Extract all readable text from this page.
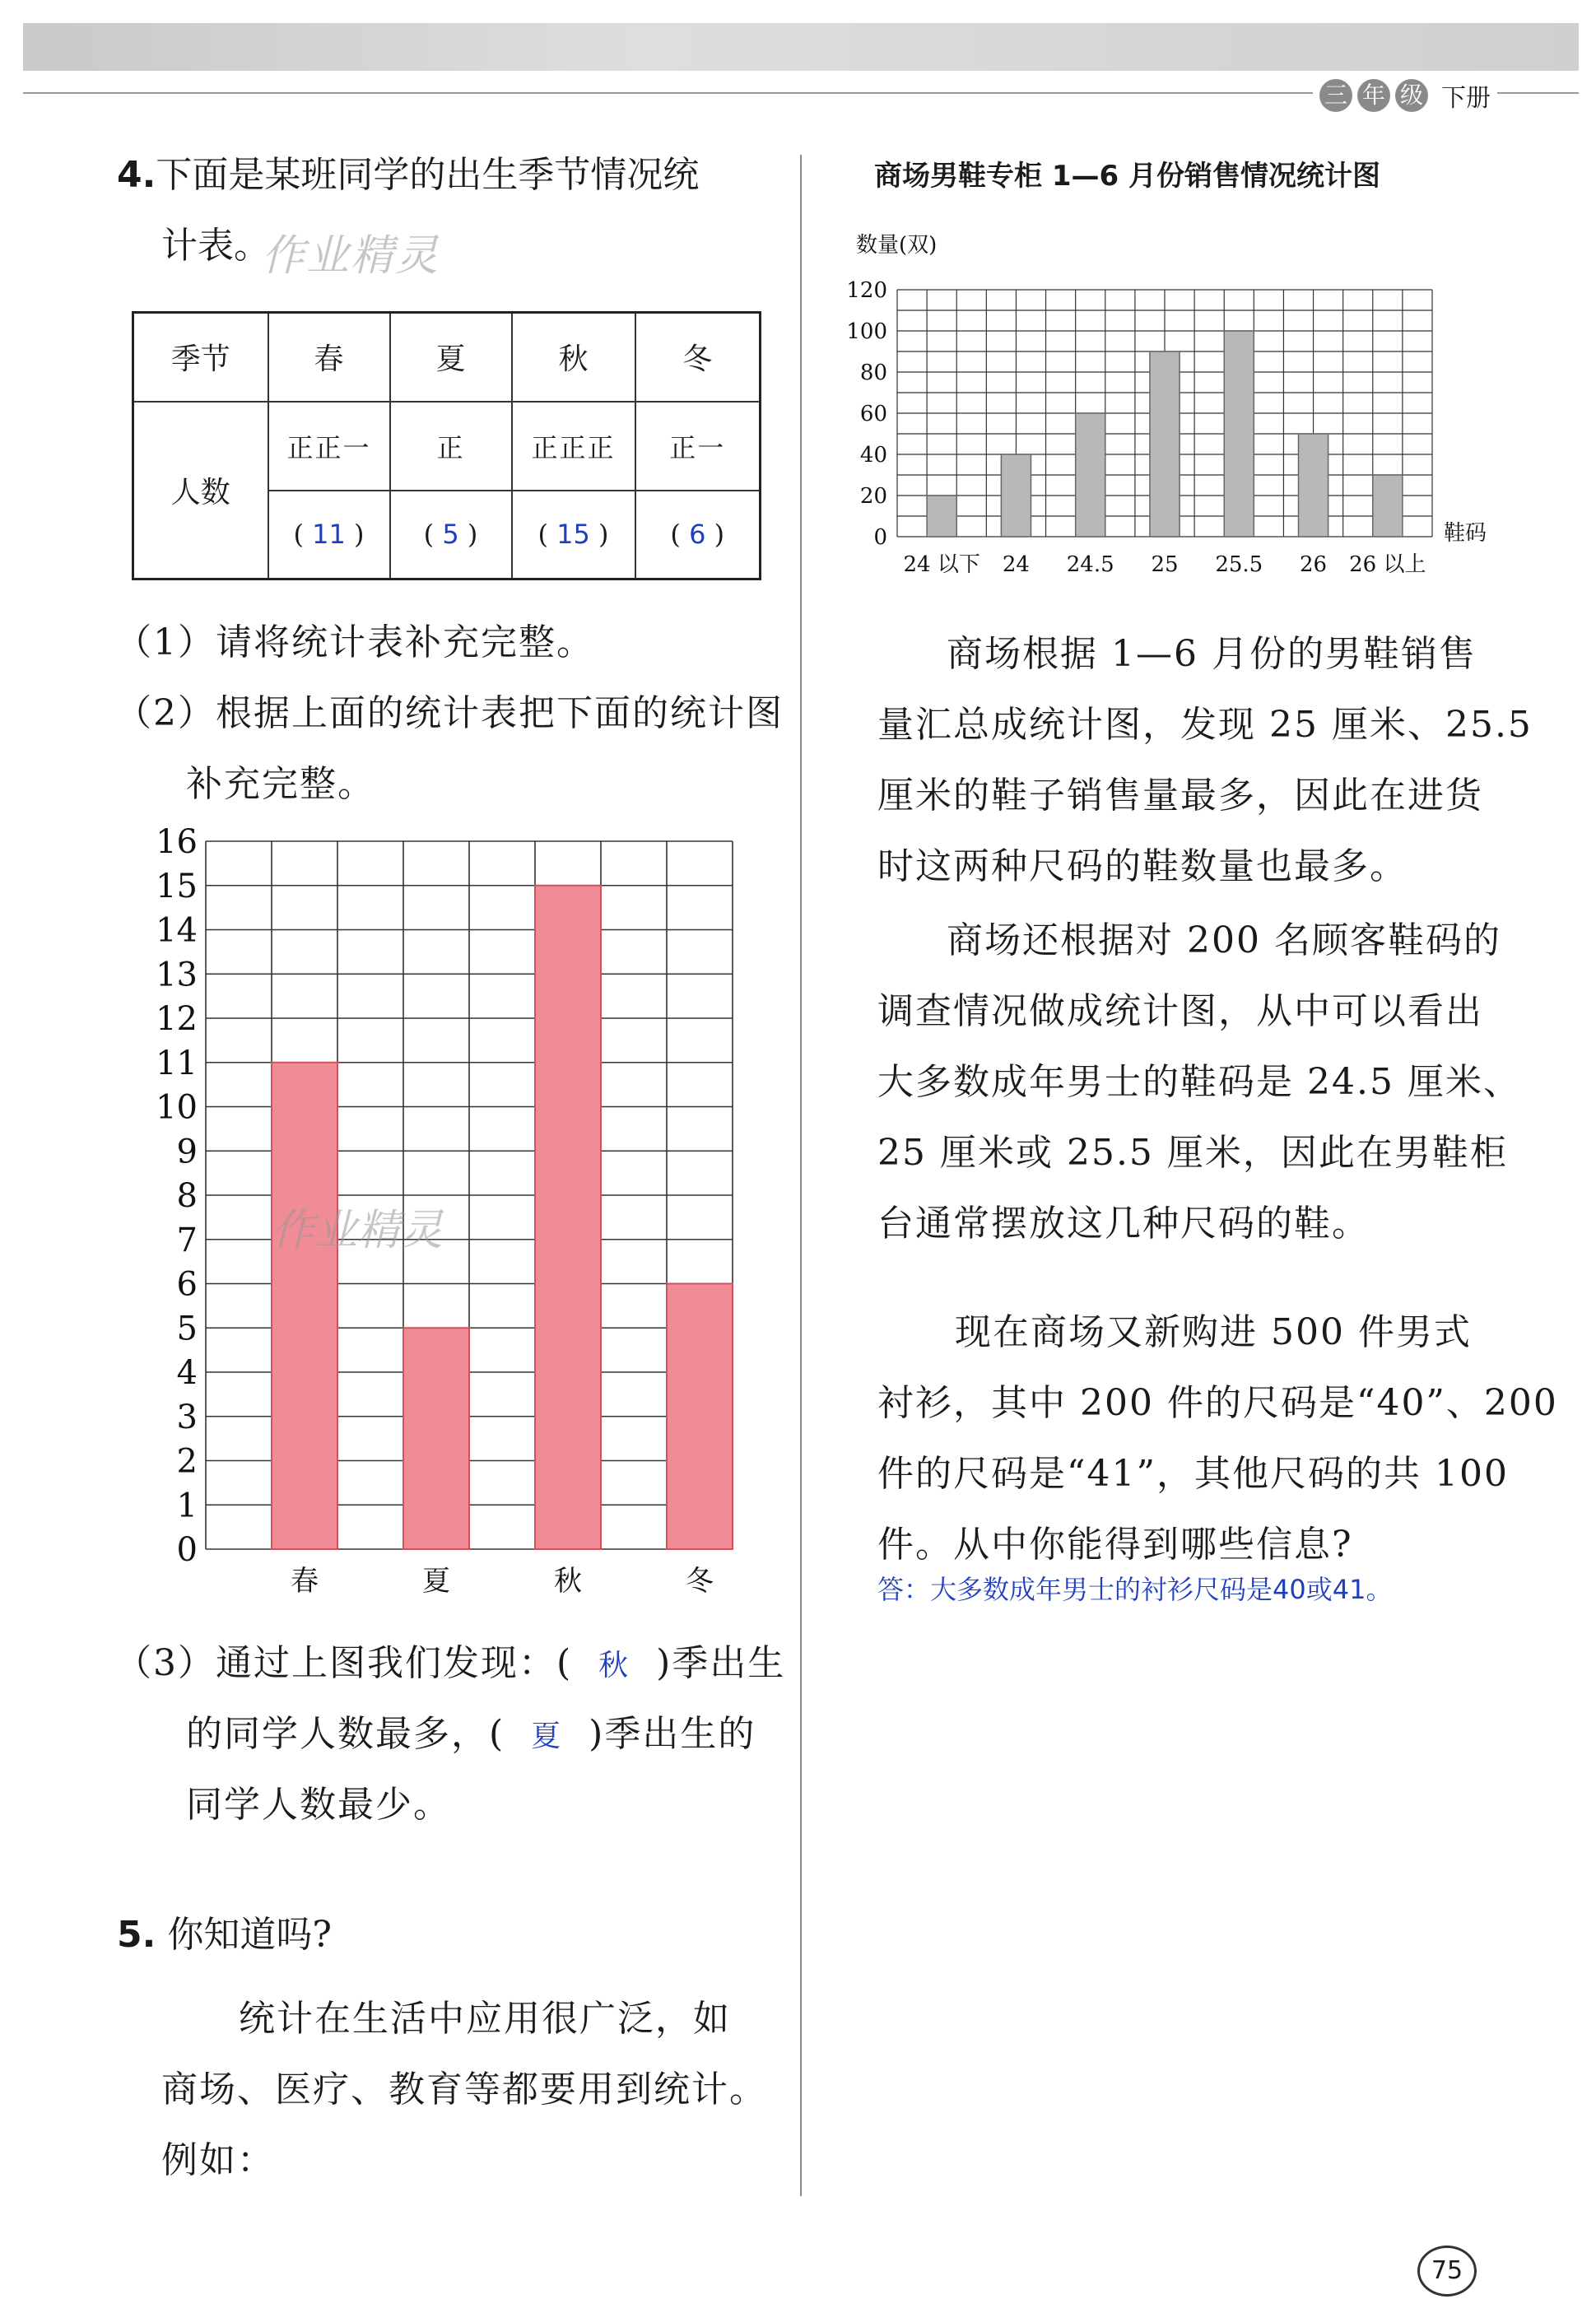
三 年 级 下册
4.下面是某班同学的出生季节情况统
计表。
作业精灵
季节	春	夏	秋	冬
人数	正正一	正	正正正	正一
	( 11 )	( 5 )	( 15 )	( 6 )
（1）请将统计表补充完整。
（2）根据上面的统计表把下面的统计图
补充完整。
0
1
2
3
4
5
6
7
8
9
10
11
12
13
14
15
16
春	夏	秋	冬
作业精灵
（3）通过上图我们发现：( 秋 )季出生
的同学人数最多，( 夏 )季出生的
同学人数最少。
5. 你知道吗?
统计在生活中应用很广泛，如
商场、医疗、教育等都要用到统计。
例如：
商场男鞋专柜 1—6 月份销售情况统计图
0
20
40
60
80
100
120
数量(双)
鞋码
24 以下 24 24.5 25 25.5 26 26 以上
商场根据 1—6 月份的男鞋销售
量汇总成统计图，发现 25 厘米、25.5
厘米的鞋子销售量最多，因此在进货
时这两种尺码的鞋数量也最多。
商场还根据对 200 名顾客鞋码的
调查情况做成统计图，从中可以看出
大多数成年男士的鞋码是 24.5 厘米、
25 厘米或 25.5 厘米，因此在男鞋柜
台通常摆放这几种尺码的鞋。
现在商场又新购进 500 件男式
衬衫，其中 200 件的尺码是“40”、200
件的尺码是“41”，其他尺码的共 100
件。从中你能得到哪些信息?
答：大多数成年男士的衬衫尺码是40或41。
75
